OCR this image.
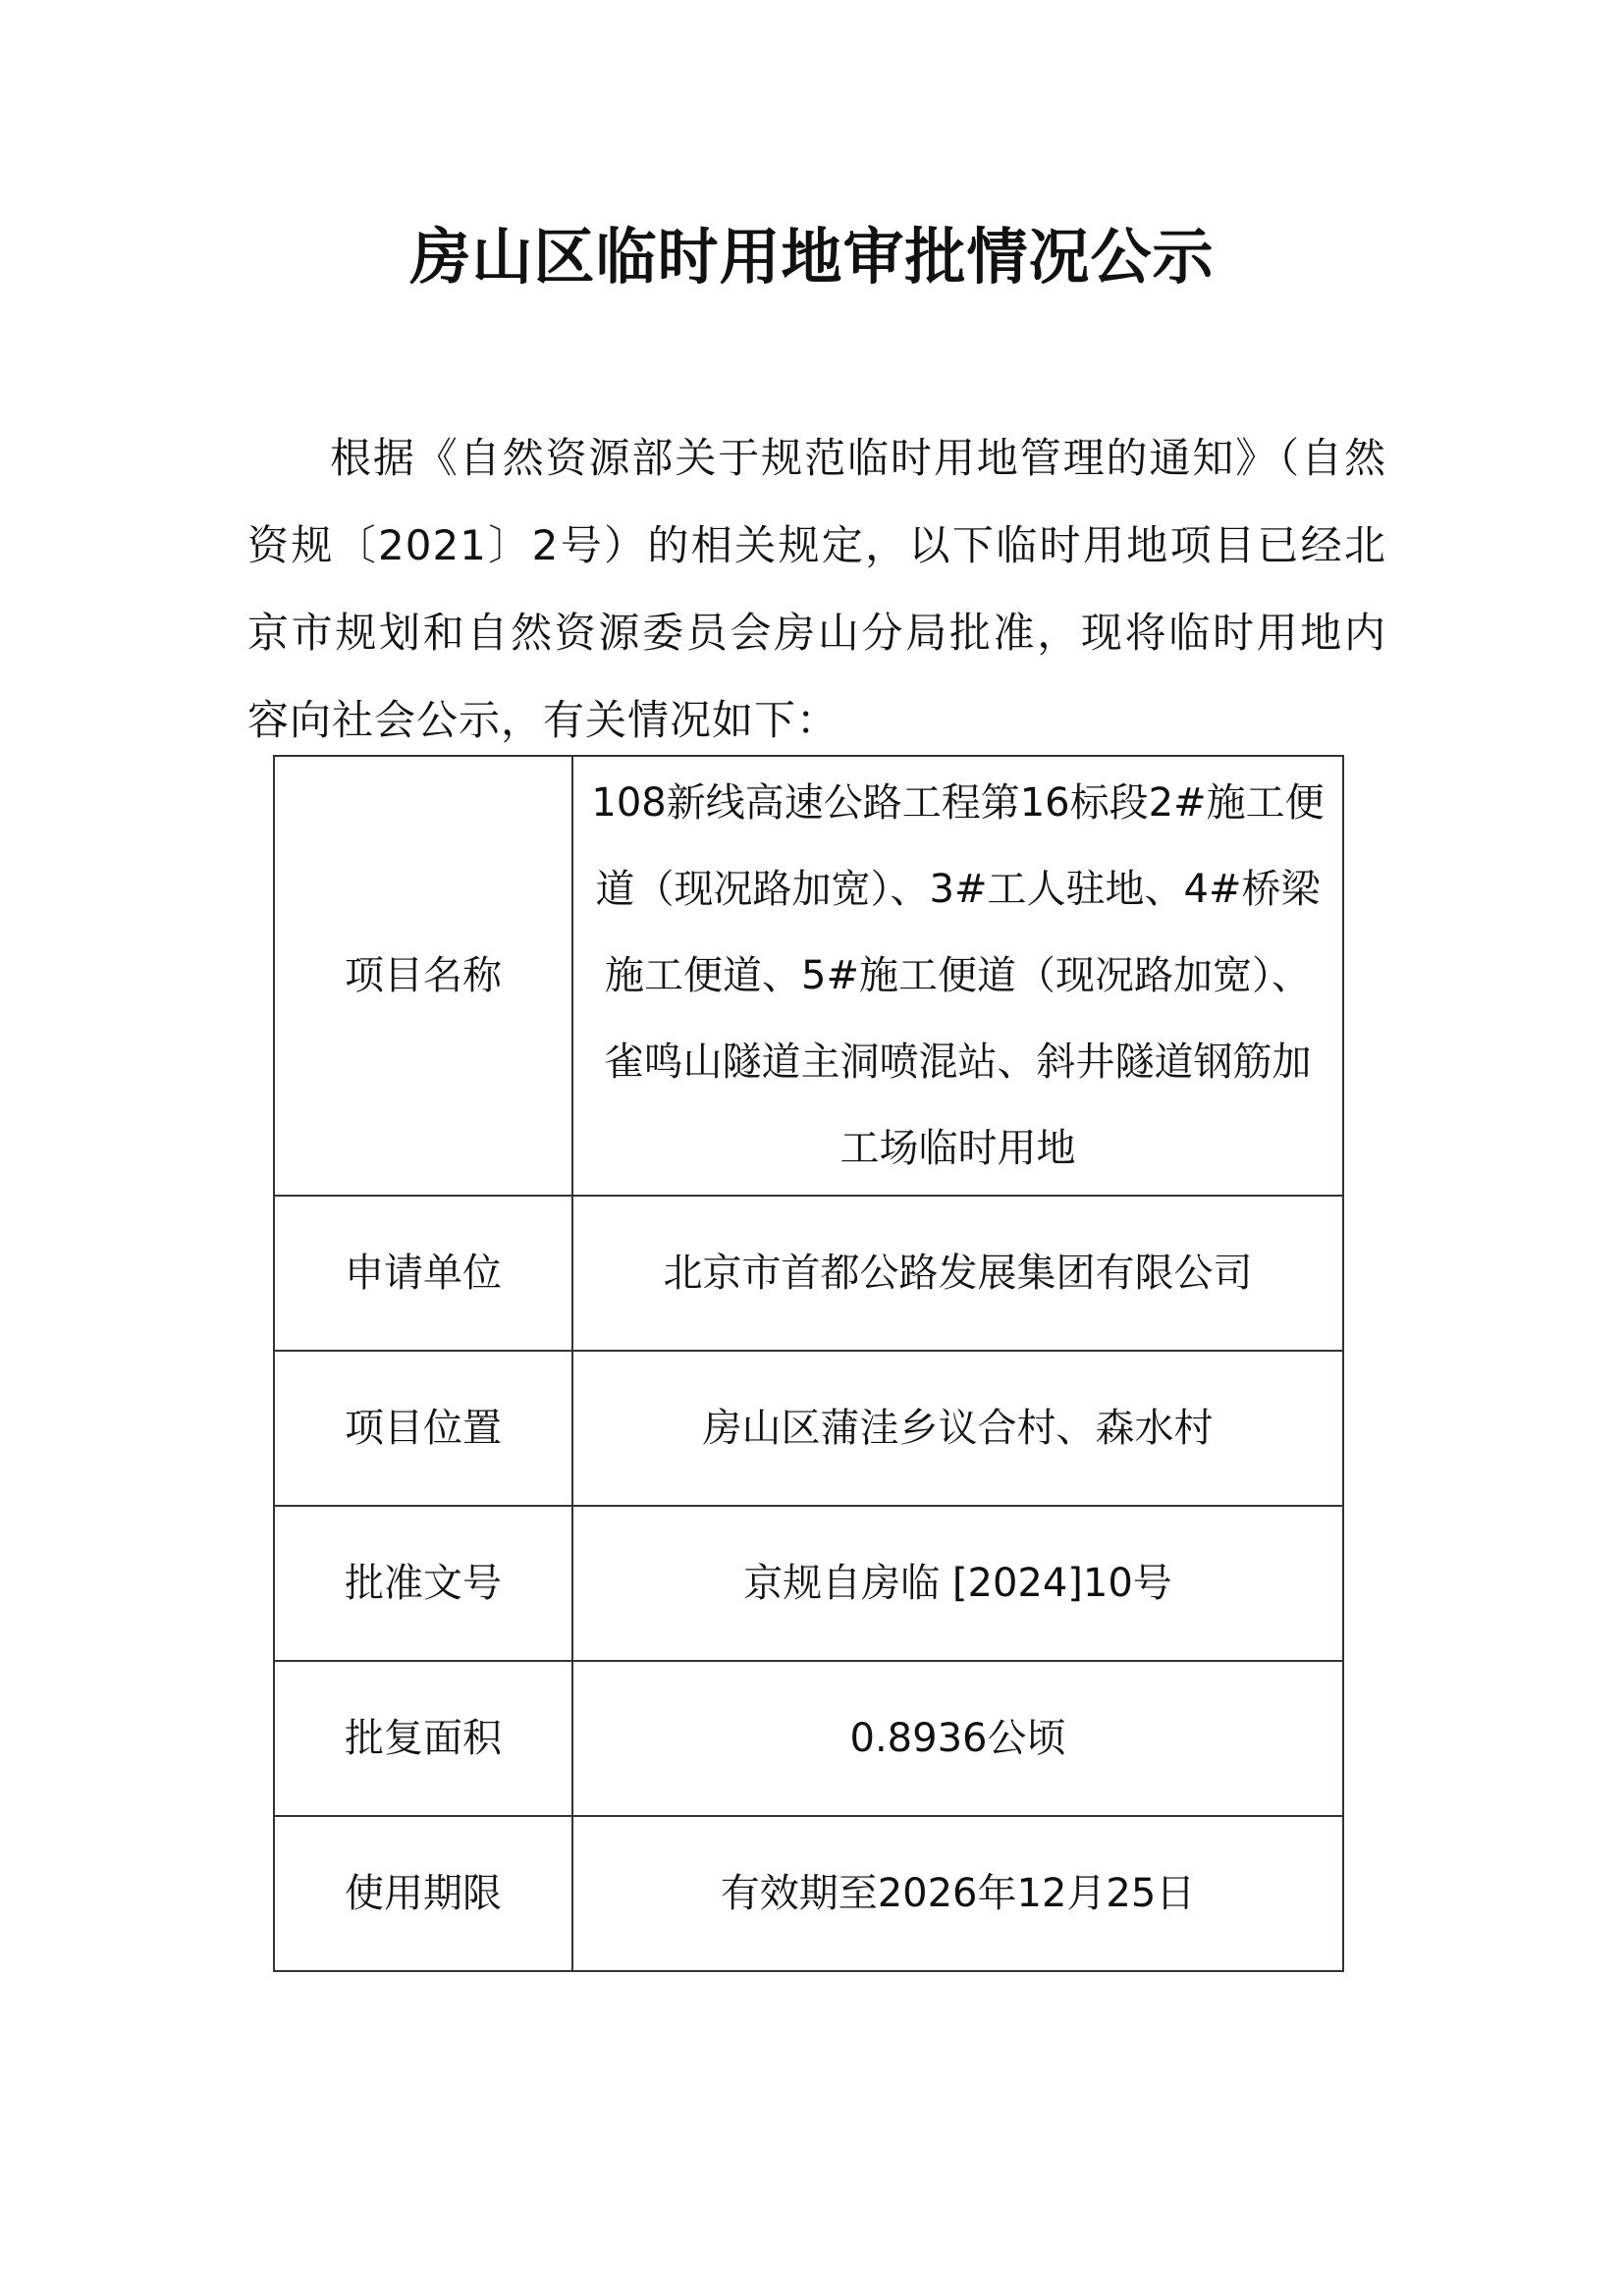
房山区临时用地审批情况公示

根据《自然资源部关于规范临时用地管理的通知》（自然资规〔2021〕2号）的相关规定，以下临时用地项目已经北京市规划和自然资源委员会房山分局批准，现将临时用地内容向社会公示，有关情况如下：

项目名称	108新线高速公路工程第16标段2#施工便道（现况路加宽）、3#工人驻地、4#桥梁施工便道、5#施工便道（现况路加宽）、雀鸣山隧道主洞喷混站、斜井隧道钢筋加工场临时用地
申请单位	北京市首都公路发展集团有限公司
项目位置	房山区蒲洼乡议合村、森水村
批准文号	京规自房临 [2024]10号
批复面积	0.8936公顷
使用期限	有效期至2026年12月25日
